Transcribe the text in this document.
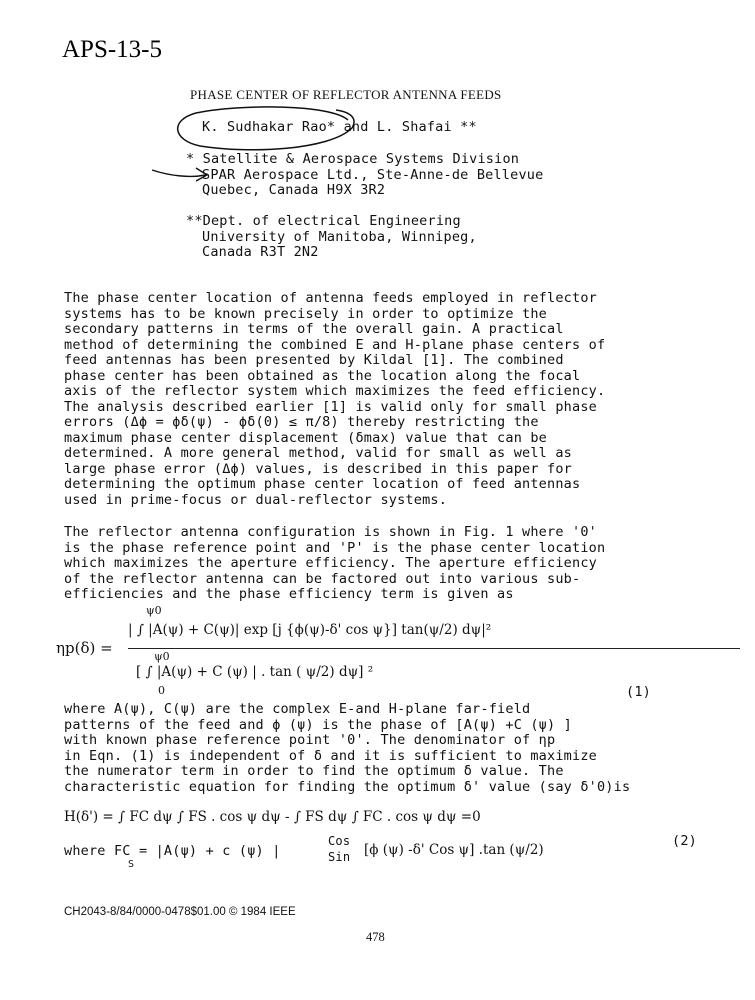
APS-13-5
PHASE CENTER OF REFLECTOR ANTENNA FEEDS
K. Sudhakar Rao* and L. Shafai **
* Satellite & Aerospace Systems Division
SPAR Aerospace Ltd., Ste-Anne-de Bellevue
Quebec, Canada H9X 3R2
**Dept. of electrical Engineering
University of Manitoba, Winnipeg,
Canada R3T 2N2

The phase center location of antenna feeds employed in reflector

systems has to be known precisely in order to optimize the

secondary patterns in terms of the overall gain. A practical

method of determining the combined E and H-plane phase centers of

feed antennas has been presented by Kildal [1]. The combined

phase center has been obtained as the location along the focal

axis of the reflector system which maximizes the feed efficiency.

The analysis described earlier [1] is valid only for small phase

errors (Δϕ = ϕδ(ψ) - ϕδ(0) ≤ π/8) thereby restricting the

maximum phase center displacement (δmax) value that can be

determined. A more general method, valid for small as well as

large phase error (Δϕ) values, is described in this paper for

determining the optimum phase center location of feed antennas

used in prime-focus or dual-reflector systems.

The reflector antenna configuration is shown in Fig. 1 where '0'

is the phase reference point and 'P' is the phase center location

which maximizes the aperture efficiency. The aperture efficiency

of the reflector antenna can be factored out into various sub-

efficiencies and the phase efficiency term is given as

ηp(δ) =
ψ0
| ∫ |A(ψ) + C(ψ)| exp [j {ϕ(ψ)-δ' cos ψ}] tan(ψ/2) dψ|²
ψ0
[ ∫ |A(ψ) + C (ψ) | . tan ( ψ/2) dψ] ²
0	(1)

where A(ψ), C(ψ) are the complex E-and H-plane far-field

patterns of the feed and ϕ (ψ) is the phase of [A(ψ) +C (ψ) ]

with known phase reference point '0'. The denominator of ηp

in Eqn. (1) is independent of δ and it is sufficient to maximize

the numerator term in order to find the optimum δ value. The

characteristic equation for finding the optimum δ' value (say δ'0)is

H(δ') = ∫ FC dψ ∫ FS . cos ψ dψ - ∫ FS dψ ∫ FC . cos ψ dψ =0
where FC = |A(ψ) + c (ψ) |
S
Cos
Sin [ϕ (ψ) -δ' Cos ψ] .tan (ψ/2)
(2)
CH2043-8/84/0000-0478$01.00 © 1984 IEEE
478
